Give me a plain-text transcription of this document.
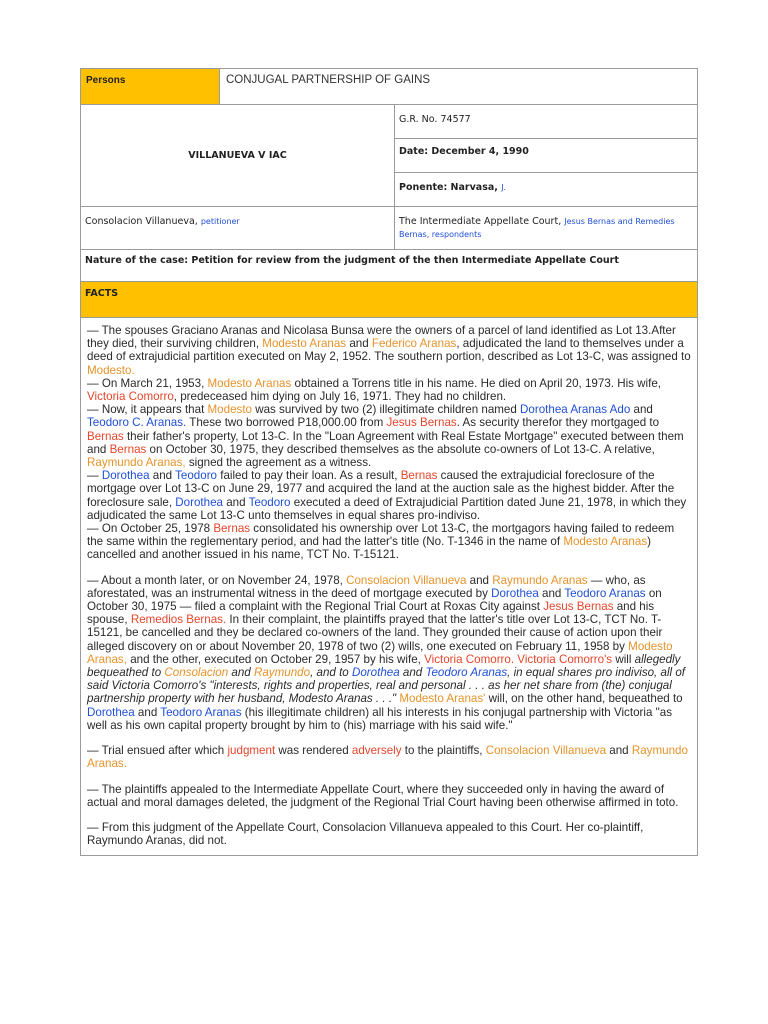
Persons	CONJUGAL PARTNERSHIP OF GAINS
VILLANUEVA V IAC
G.R. No. 74577
Date: December 4, 1990
Ponente: Narvasa, J.
Consolacion Villanueva, petitioner	The Intermediate Appellate Court, Jesus Bernas and Remedies Bernas, respondents
Nature of the case: Petition for review from the judgment of the then Intermediate Appellate Court
FACTS

— The spouses Graciano Aranas and Nicolasa Bunsa were the owners of a parcel of land identified as Lot 13.After they died, their surviving children, Modesto Aranas and Federico Aranas, adjudicated the land to themselves under a deed of extrajudicial partition executed on May 2, 1952. The southern portion, described as Lot 13-C, was assigned to Modesto.

— On March 21, 1953, Modesto Aranas obtained a Torrens title in his name. He died on April 20, 1973. His wife, Victoria Comorro, predeceased him dying on July 16, 1971. They had no children.

— Now, it appears that Modesto was survived by two (2) illegitimate children named Dorothea Aranas Ado and Teodoro C. Aranas. These two borrowed P18,000.00 from Jesus Bernas. As security therefor they mortgaged to Bernas their father's property, Lot 13-C. In the "Loan Agreement with Real Estate Mortgage" executed between them and Bernas on October 30, 1975, they described themselves as the absolute co-owners of Lot 13-C. A relative, Raymundo Aranas, signed the agreement as a witness.

— Dorothea and Teodoro failed to pay their loan. As a result, Bernas caused the extrajudicial foreclosure of the mortgage over Lot 13-C on June 29, 1977 and acquired the land at the auction sale as the highest bidder. After the foreclosure sale, Dorothea and Teodoro executed a deed of Extrajudicial Partition dated June 21, 1978, in which they adjudicated the same Lot 13-C unto themselves in equal shares pro-indiviso.

— On October 25, 1978 Bernas consolidated his ownership over Lot 13-C, the mortgagors having failed to redeem the same within the reglementary period, and had the latter's title (No. T-1346 in the name of Modesto Aranas) cancelled and another issued in his name, TCT No. T-15121.

— About a month later, or on November 24, 1978, Consolacion Villanueva and Raymundo Aranas — who, as aforestated, was an instrumental witness in the deed of mortgage executed by Dorothea and Teodoro Aranas on October 30, 1975 — filed a complaint with the Regional Trial Court at Roxas City against Jesus Bernas and his spouse, Remedios Bernas. In their complaint, the plaintiffs prayed that the latter's title over Lot 13-C, TCT No. T-15121, be cancelled and they be declared co-owners of the land. They grounded their cause of action upon their alleged discovery on or about November 20, 1978 of two (2) wills, one executed on February 11, 1958 by Modesto Aranas, and the other, executed on October 29, 1957 by his wife, Victoria Comorro. Victoria Comorro's will allegedly bequeathed to Consolacion and Raymundo, and to Dorothea and Teodoro Aranas, in equal shares pro indiviso, all of said Victoria Comorro's "interests, rights and properties, real and personal . . . as her net share from (the) conjugal partnership property with her husband, Modesto Aranas . . ." Modesto Aranas' will, on the other hand, bequeathed to Dorothea and Teodoro Aranas (his illegitimate children) all his interests in his conjugal partnership with Victoria "as well as his own capital property brought by him to (his) marriage with his said wife."

— Trial ensued after which judgment was rendered adversely to the plaintiffs, Consolacion Villanueva and Raymundo Aranas.

— The plaintiffs appealed to the Intermediate Appellate Court, where they succeeded only in having the award of actual and moral damages deleted, the judgment of the Regional Trial Court having been otherwise affirmed in toto.

— From this judgment of the Appellate Court, Consolacion Villanueva appealed to this Court. Her co-plaintiff, Raymundo Aranas, did not.
